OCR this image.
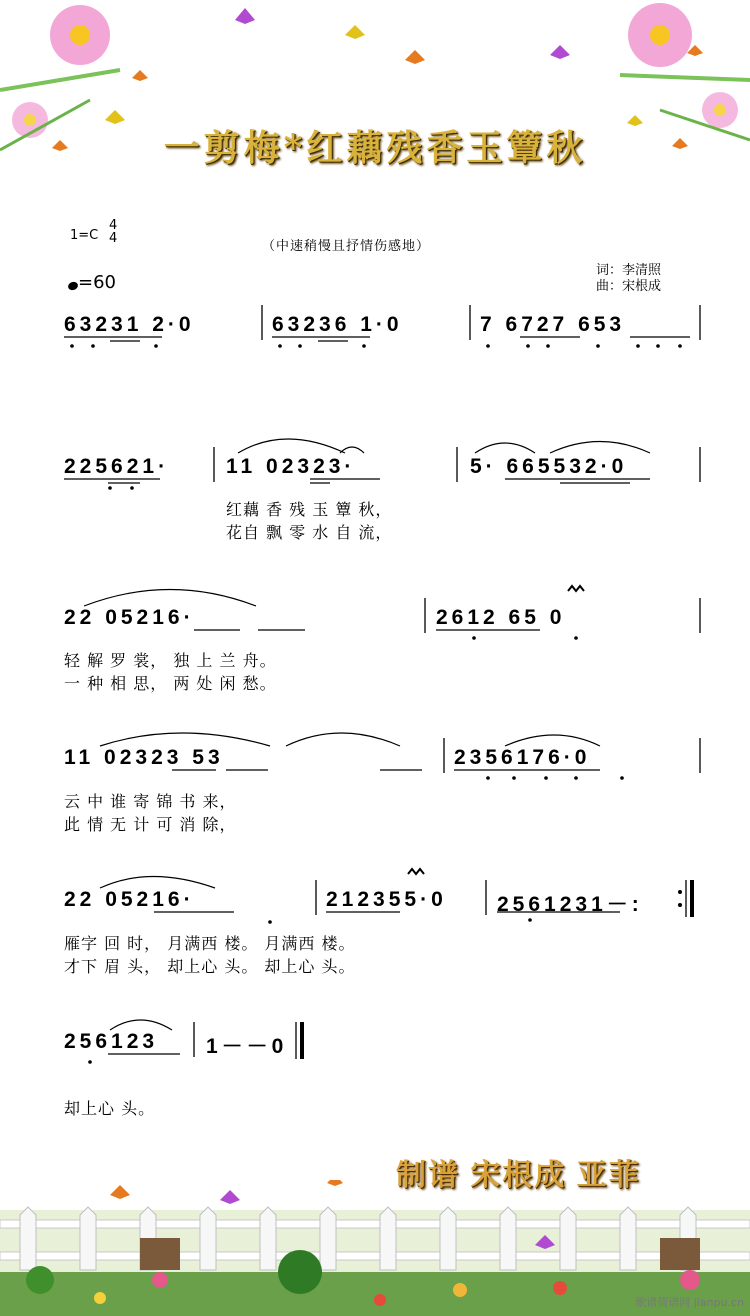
一剪梅*红藕残香玉簟秋
1=C
4
4
=60
（中速稍慢且抒情伤感地）
词：李清照
曲：宋根成
63231 2·0	63236 1·0	7 6727 653
225621·	11 02323·	5· 665532·0
红藕 香 残 玉 簟 秋，
花自 飘 零 水 自 流，
22 05216·	2612 65 0
轻 解 罗 裳， 独 上 兰 舟。
一 种 相 思， 两 处 闲 愁。
11 02323 53	2356176·0
云 中 谁 寄 锦 书 来，
此 情 无 计 可 消 除，
22 05216·	212355·0 2561231－:
雁字 回 时， 月满西 楼。 月满西 楼。
才下 眉 头， 却上心 头。 却上心 头。
256123 1－－0
却上心 头。
制谱 宋根成 亚菲
歌谱简谱网 jianpu.cn
